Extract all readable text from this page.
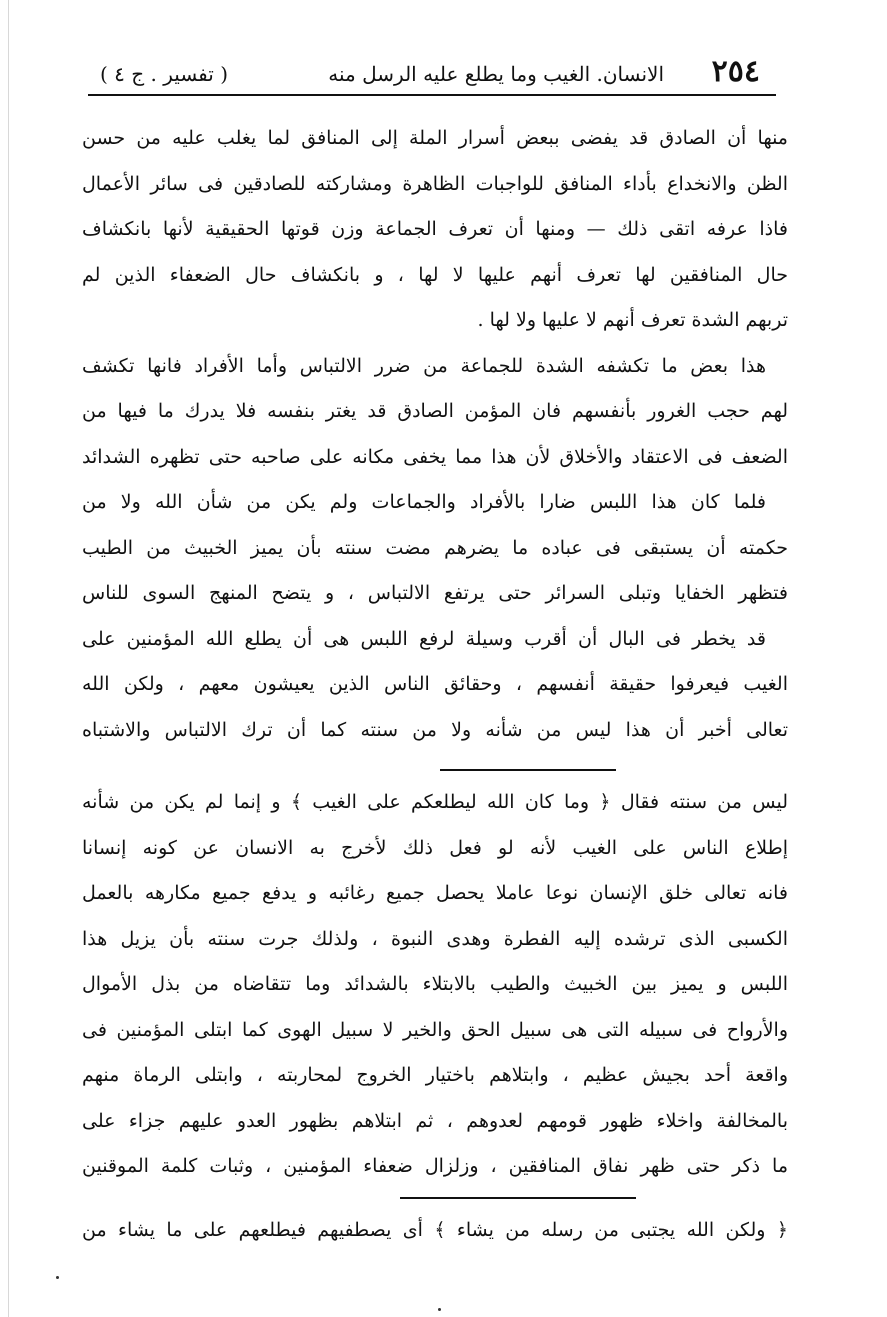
٢٥٤
الانسان. الغيب وما يطلع عليه الرسل منه
( تفسير . ج ٤ )
منها أن الصادق قد يفضى ببعض أسرار الملة إلى المنافق لما يغلب عليه من حسن
الظن والانخداع بأداء المنافق للواجبات الظاهرة ومشاركته للصادقين فى سائر الأعمال
فاذا عرفه اتقى ذلك — ومنها أن تعرف الجماعة وزن قوتها الحقيقية لأنها بانكشاف
حال المنافقين لها تعرف أنهم عليها لا لها ، و بانكشاف حال الضعفاء الذين لم
تربهم الشدة تعرف أنهم لا عليها ولا لها .
هذا بعض ما تكشفه الشدة للجماعة من ضرر الالتباس وأما الأفراد فانها تكشف
لهم حجب الغرور بأنفسهم فان المؤمن الصادق قد يغتر بنفسه فلا يدرك ما فيها من
الضعف فى الاعتقاد والأخلاق لأن هذا مما يخفى مكانه على صاحبه حتى تظهره الشدائد
فلما كان هذا اللبس ضارا بالأفراد والجماعات ولم يكن من شأن الله ولا من
حكمته أن يستبقى فى عباده ما يضرهم مضت سنته بأن يميز الخبيث من الطيب
فتظهر الخفايا وتبلى السرائر حتى يرتفع الالتباس ، و يتضح المنهج السوى للناس
قد يخطر فى البال أن أقرب وسيلة لرفع اللبس هى أن يطلع الله المؤمنين على
الغيب فيعرفوا حقيقة أنفسهم ، وحقائق الناس الذين يعيشون معهم ، ولكن الله
تعالى أخبر أن هذا ليس من شأنه ولا من سنته كما أن ترك الالتباس والاشتباه
ليس من سنته فقال ﴿ وما كان الله ليطلعكم على الغيب ﴾ و إنما لم يكن من شأنه
إطلاع الناس على الغيب لأنه لو فعل ذلك لأخرج به الانسان عن كونه إنسانا
فانه تعالى خلق الإنسان نوعا عاملا يحصل جميع رغائبه و يدفع جميع مكارهه بالعمل
الكسبى الذى ترشده إليه الفطرة وهدى النبوة ، ولذلك جرت سنته بأن يزيل هذا
اللبس و يميز بين الخبيث والطيب بالابتلاء بالشدائد وما تتقاضاه من بذل الأموال
والأرواح فى سبيله التى هى سبيل الحق والخير لا سبيل الهوى كما ابتلى المؤمنين فى
واقعة أحد بجيش عظيم ، وابتلاهم باختيار الخروج لمحاربته ، وابتلى الرماة منهم
بالمخالفة واخلاء ظهور قومهم لعدوهم ، ثم ابتلاهم بظهور العدو عليهم جزاء على
ما ذكر حتى ظهر نفاق المنافقين ، وزلزال ضعفاء المؤمنين ، وثبات كلمة الموقنين
﴿ ولكن الله يجتبى من رسله من يشاء ﴾ أى يصطفيهم فيطلعهم على ما يشاء من
